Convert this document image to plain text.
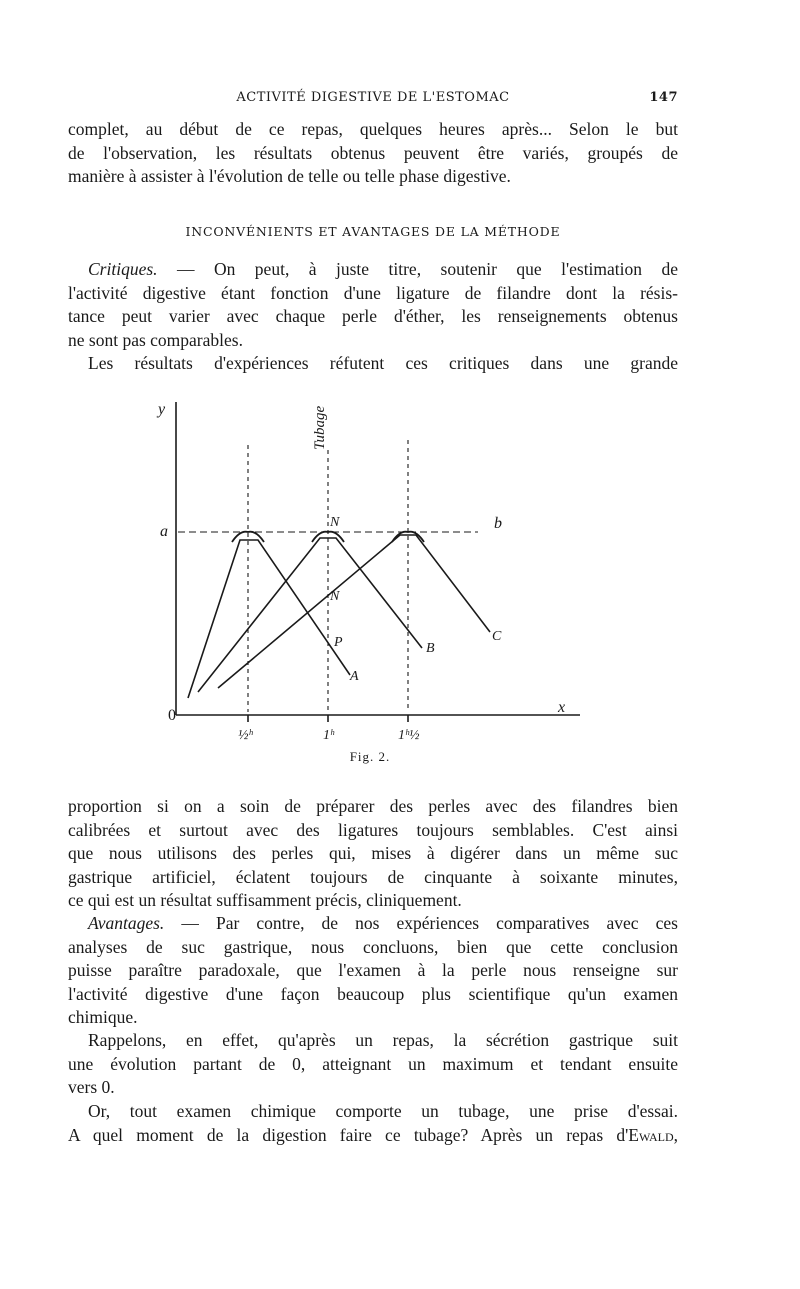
ACTIVITÉ DIGESTIVE DE L'ESTOMAC	147
complet, au début de ce repas, quelques heures après... Selon le but
de l'observation, les résultats obtenus peuvent être variés, groupés de
manière à assister à l'évolution de telle ou telle phase digestive.
INCONVÉNIENTS ET AVANTAGES DE LA MÉTHODE
Critiques. — On peut, à juste titre, soutenir que l'estimation de
l'activité digestive étant fonction d'une ligature de filandre dont la résis-
tance peut varier avec chaque perle d'éther, les renseignements obtenus
ne sont pas comparables.
Les résultats d'expériences réfutent ces critiques dans une grande
y
x
0
a	b
Tubage
N
N
P
A
B
C
½ʰ	1ʰ	1ʰ½
Fig. 2.
proportion si on a soin de préparer des perles avec des filandres bien
calibrées et surtout avec des ligatures toujours semblables. C'est ainsi
que nous utilisons des perles qui, mises à digérer dans un même suc
gastrique artificiel, éclatent toujours de cinquante à soixante minutes,
ce qui est un résultat suffisamment précis, cliniquement.
Avantages. — Par contre, de nos expériences comparatives avec ces
analyses de suc gastrique, nous concluons, bien que cette conclusion
puisse paraître paradoxale, que l'examen à la perle nous renseigne sur
l'activité digestive d'une façon beaucoup plus scientifique qu'un examen
chimique.
Rappelons, en effet, qu'après un repas, la sécrétion gastrique suit
une évolution partant de 0, atteignant un maximum et tendant ensuite
vers 0.
Or, tout examen chimique comporte un tubage, une prise d'essai.
A quel moment de la digestion faire ce tubage? Après un repas d'Ewald,
